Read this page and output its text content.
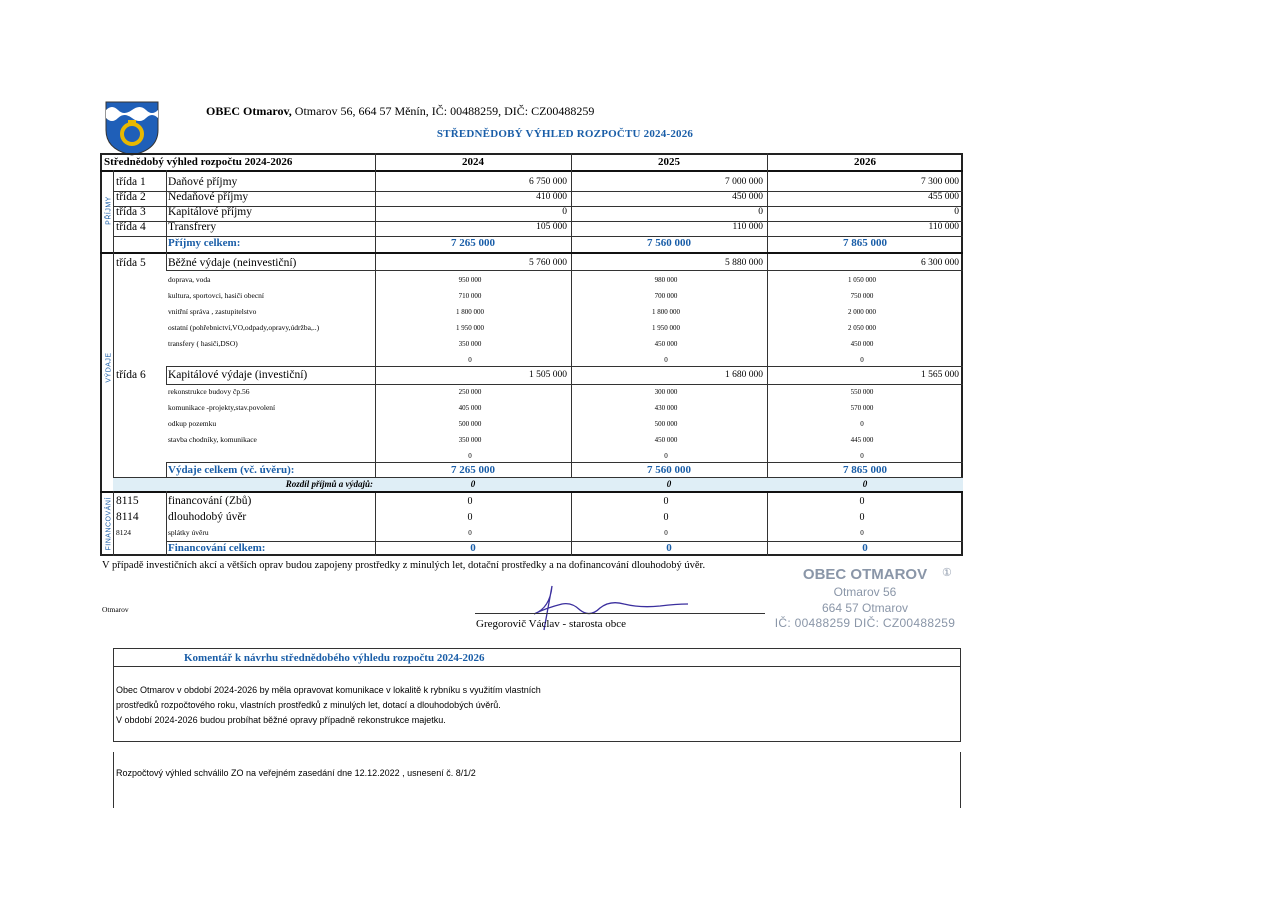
OBEC Otmarov, Otmarov 56, 664 57 Měnín, IČ: 00488259, DIČ: CZ00488259
STŘEDNĚDOBÝ VÝHLED ROZPOČTU 2024-2026
Střednědobý výhled rozpočtu 2024-2026	2024	2025	2026
třída 1 Daňové příjmy	6 750 000	7 000 000	7 300 000
třída 2 Nedaňové příjmy	410 000	450 000	455 000
třída 3 Kapitálové příjmy	0	0	0
třída 4 Transfrery	105 000	110 000	110 000
Příjmy celkem:	7 265 000	7 560 000	7 865 000
PŘÍJMY
třída 5 Běžné výdaje (neinvestiční)	5 760 000	5 880 000	6 300 000
doprava, voda	950 000	980 000	1 050 000
kultura, sportovci, hasiči obecní	710 000	700 000	750 000
vnitřní správa , zastupitelstvo	1 800 000	1 800 000	2 000 000
ostatní (pohřebnictví,VO,odpady,opravy,údržba,..)	1 950 000	1 950 000	2 050 000
transfery ( hasiči,DSO)	350 000	450 000	450 000
0	0	0
třída 6 Kapitálové výdaje (investiční)	1 505 000	1 680 000	1 565 000
rekonstrukce budovy čp.56	250 000	300 000	550 000
komunikace -projekty,stav.povolení	405 000	430 000	570 000
odkup pozemku	500 000	500 000	0
stavba chodníky, komunikace	350 000	450 000	445 000
0	0	0
Výdaje celkem (vč. úvěru):	7 265 000	7 560 000	7 865 000
Rozdíl příjmů a výdajů:	0	0	0
VÝDAJE
8115	financování (Zbů)	0	0	0
8114	dlouhodobý úvěr	0	0	0
8124	splátky úvěru	0	0	0
Financování celkem:	0	0	0
FINANCOVÁNÍ
V případě investičních akcí a větších oprav budou zapojeny prostředky z minulých let, dotační prostředky a na dofinancování dlouhodobý úvěr.
Otmarov
Gregorovič Václav - starosta obce
OBEC OTMAROV
Otmarov 56
664 57 Otmarov
IČ: 00488259 DIČ: CZ00488259
①
Komentář k návrhu střednědobého výhledu rozpočtu 2024-2026
Obec Otmarov v období 2024-2026 by měla opravovat komunikace v lokalitě k rybníku s využitím vlastních
prostředků rozpočtového roku, vlastních prostředků z minulých let, dotací a dlouhodobých úvěrů.
V období 2024-2026 budou probíhat běžné opravy případně rekonstrukce majetku.
Rozpočtový výhled schválilo ZO na veřejném zasedání dne 12.12.2022 , usnesení č. 8/1/2
